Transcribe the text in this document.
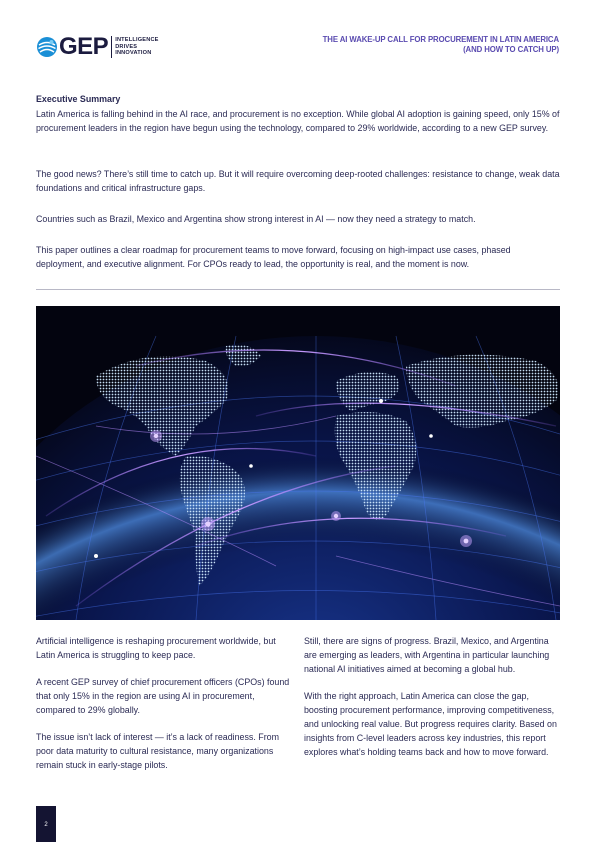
GEP INTELLIGENCE
DRIVES
INNOVATION
THE AI WAKE-UP CALL FOR PROCUREMENT IN LATIN AMERICA
(AND HOW TO CATCH UP)
Executive Summary

Latin America is falling behind in the AI race, and procurement is no exception. While global AI adoption is gaining speed, only 15% of procurement leaders in the region have begun using the technology, compared to 29% worldwide, according to a new GEP survey.

The good news? There’s still time to catch up. But it will require overcoming deep-rooted challenges: resistance to change, weak data foundations and critical infrastructure gaps.

Countries such as Brazil, Mexico and Argentina show strong interest in AI — now they need a strategy to match.

This paper outlines a clear roadmap for procurement teams to move forward, focusing on high-impact use cases, phased deployment, and executive alignment. For CPOs ready to lead, the opportunity is real, and the moment is now.

Artificial intelligence is reshaping procurement worldwide, but Latin America is struggling to keep pace.

A recent GEP survey of chief procurement officers (CPOs) found that only 15% in the region are using AI in procurement, compared to 29% globally.

The issue isn’t lack of interest — it’s a lack of readiness. From poor data maturity to cultural resistance, many organizations remain stuck in early-stage pilots.

Still, there are signs of progress. Brazil, Mexico, and Argentina are emerging as leaders, with Argentina in particular launching national AI initiatives aimed at becoming a global hub.

With the right approach, Latin America can close the gap, boosting procurement performance, improving competitiveness, and unlocking real value. But progress requires clarity. Based on insights from C-level leaders across key industries, this report explores what’s holding teams back and how to move forward.

2
